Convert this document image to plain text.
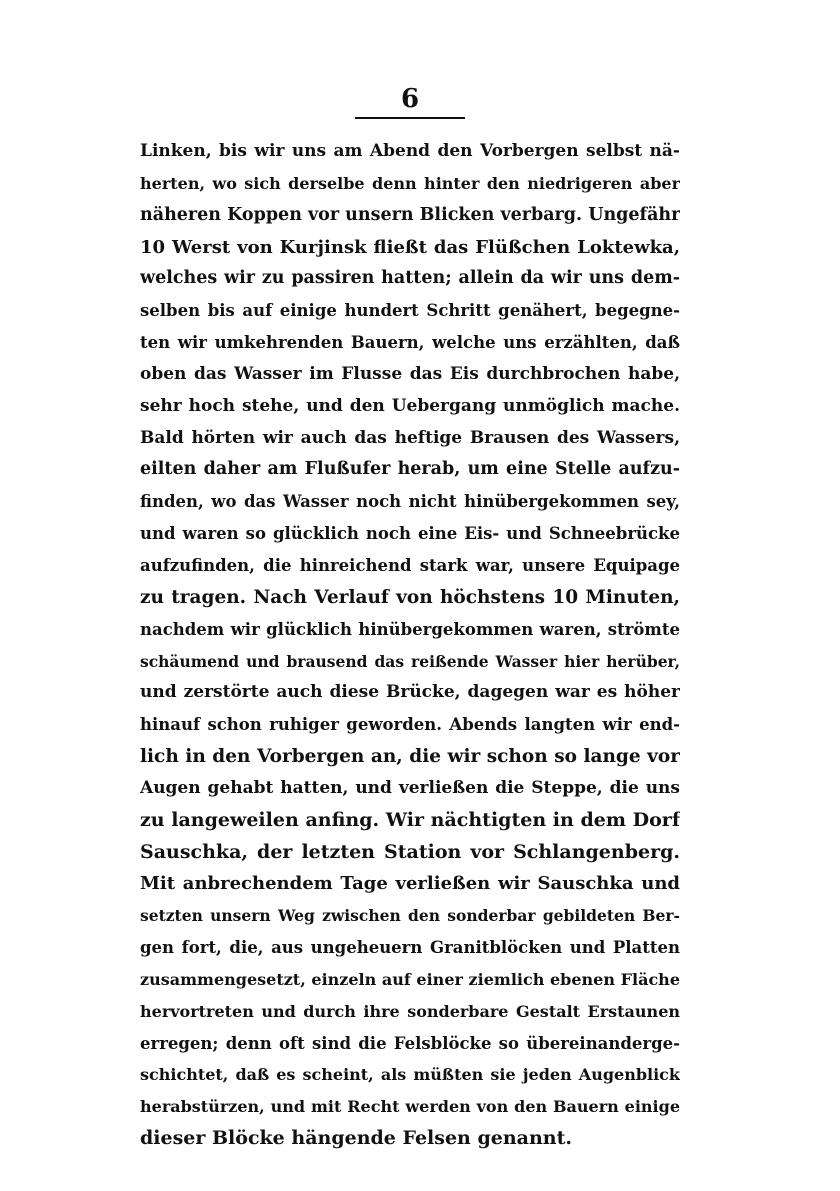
6
Linken, bis wir uns am Abend den Vorbergen selbst nä-
herten, wo sich derselbe denn hinter den niedrigeren aber
näheren Koppen vor unsern Blicken verbarg. Ungefähr
10 Werst von Kurjinsk fließt das Flüßchen Loktewka,
welches wir zu passiren hatten; allein da wir uns dem-
selben bis auf einige hundert Schritt genähert, begegne-
ten wir umkehrenden Bauern, welche uns erzählten, daß
oben das Wasser im Flusse das Eis durchbrochen habe,
sehr hoch stehe, und den Uebergang unmöglich mache.
Bald hörten wir auch das heftige Brausen des Wassers,
eilten daher am Flußufer herab, um eine Stelle aufzu-
finden, wo das Wasser noch nicht hinübergekommen sey,
und waren so glücklich noch eine Eis- und Schneebrücke
aufzufinden, die hinreichend stark war, unsere Equipage
zu tragen. Nach Verlauf von höchstens 10 Minuten,
nachdem wir glücklich hinübergekommen waren, strömte
schäumend und brausend das reißende Wasser hier herüber,
und zerstörte auch diese Brücke, dagegen war es höher
hinauf schon ruhiger geworden. Abends langten wir end-
lich in den Vorbergen an, die wir schon so lange vor
Augen gehabt hatten, und verließen die Steppe, die uns
zu langeweilen anfing. Wir nächtigten in dem Dorf
Sauschka, der letzten Station vor Schlangenberg.
Mit anbrechendem Tage verließen wir Sauschka und
setzten unsern Weg zwischen den sonderbar gebildeten Ber-
gen fort, die, aus ungeheuern Granitblöcken und Platten
zusammengesetzt, einzeln auf einer ziemlich ebenen Fläche
hervortreten und durch ihre sonderbare Gestalt Erstaunen
erregen; denn oft sind die Felsblöcke so übereinanderge-
schichtet, daß es scheint, als müßten sie jeden Augenblick
herabstürzen, und mit Recht werden von den Bauern einige
dieser Blöcke hängende Felsen genannt.
